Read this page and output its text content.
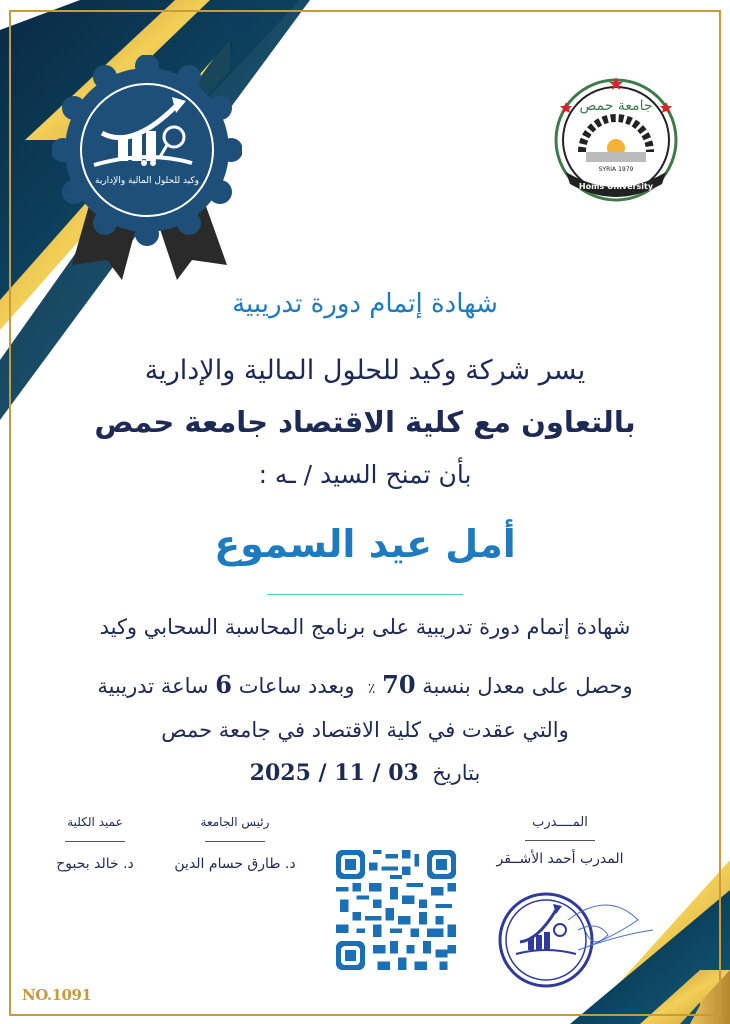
وكيد للحلول المالية والإدارية
جامعة حمص
SYRIA 1979
Homs University
شهادة إتمام دورة تدريبية
يسر شركة وكيد للحلول المالية والإدارية
بالتعاون مع كلية الاقتصاد جامعة حمص
بأن تمنح السيد / ـه :
أمل عيد السموع
شهادة إتمام دورة تدريبية على برنامج المحاسبة السحابي وكيد
وحصل على معدل بنسبة 70 ٪  وبعدد ساعات 6 ساعة تدريبية
والتي عقدت في كلية الاقتصاد في جامعة حمص
بتاريخ  2025 / 11 / 03
عميد الكلية
د. خالد بحبوح
رئيس الجامعة
د. طارق حسام الدين
المــــدرب
المدرب أحمد الأشــقر
NO.1091
